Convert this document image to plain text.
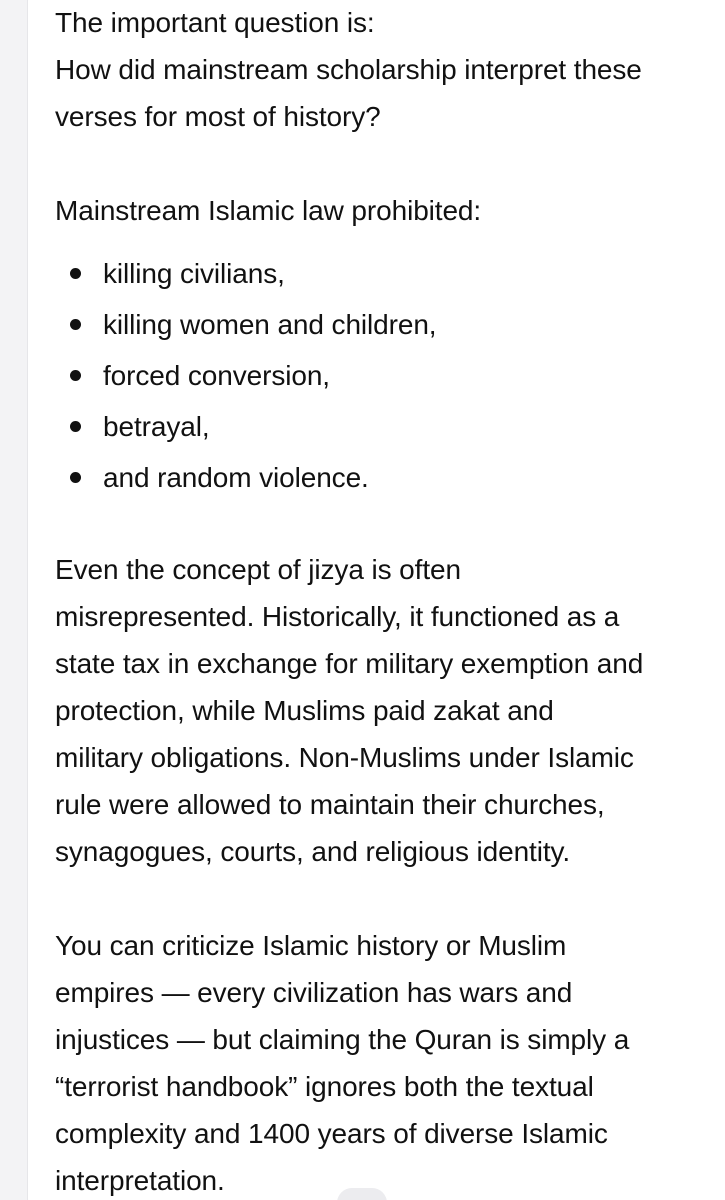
The important question is:
How did mainstream scholarship interpret these
verses for most of history?
Mainstream Islamic law prohibited:
killing civilians,
killing women and children,
forced conversion,
betrayal,
and random violence.
Even the concept of jizya is often
misrepresented. Historically, it functioned as a
state tax in exchange for military exemption and
protection, while Muslims paid zakat and
military obligations. Non-Muslims under Islamic
rule were allowed to maintain their churches,
synagogues, courts, and religious identity.
You can criticize Islamic history or Muslim
empires — every civilization has wars and
injustices — but claiming the Quran is simply a
“terrorist handbook” ignores both the textual
complexity and 1400 years of diverse Islamic
interpretation.
